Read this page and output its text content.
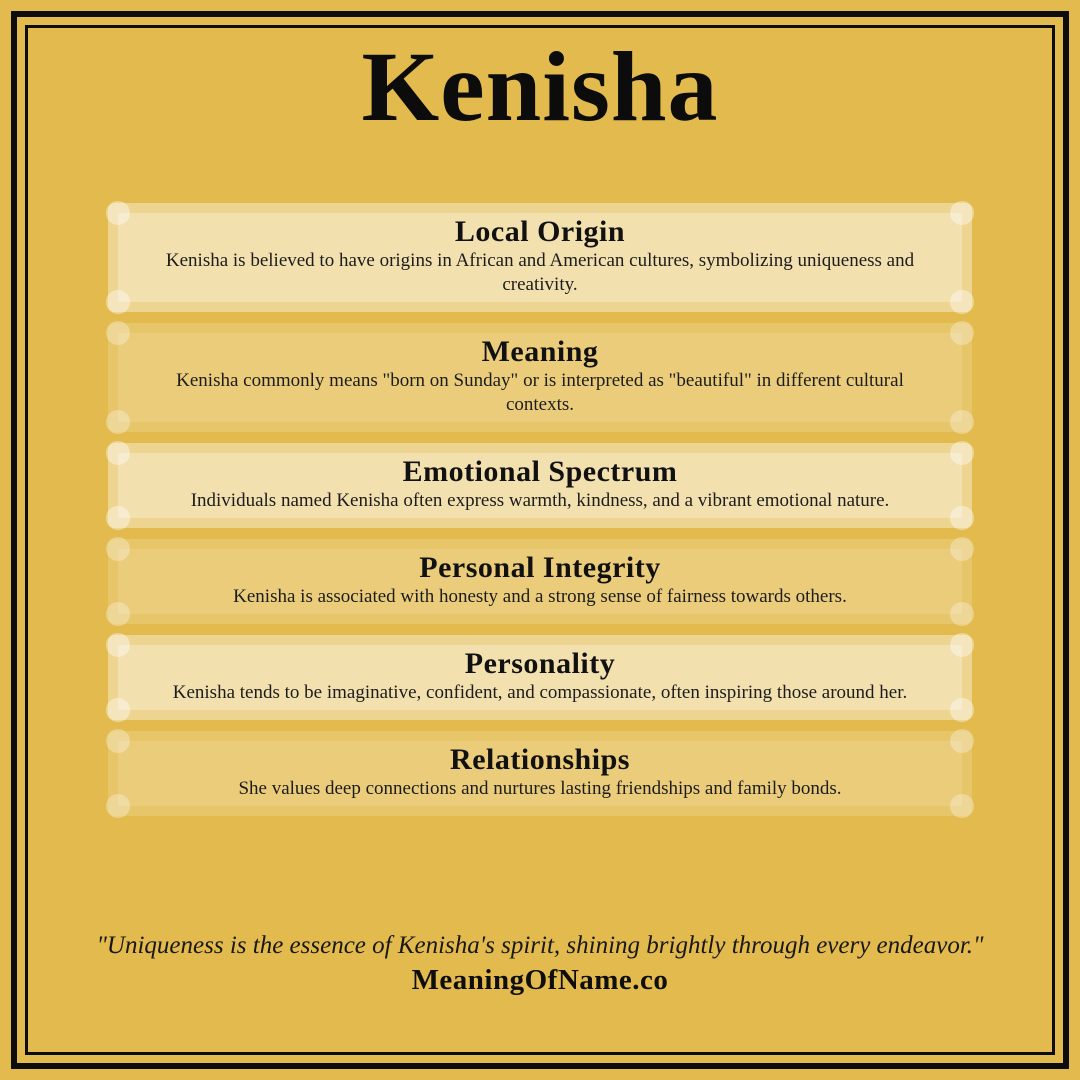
Kenisha
Local Origin

Kenisha is believed to have origins in African and American cultures, symbolizing uniqueness and creativity.

Meaning

Kenisha commonly means "born on Sunday" or is interpreted as "beautiful" in different cultural contexts.

Emotional Spectrum

Individuals named Kenisha often express warmth, kindness, and a vibrant emotional nature.

Personal Integrity

Kenisha is associated with honesty and a strong sense of fairness towards others.

Personality

Kenisha tends to be imaginative, confident, and compassionate, often inspiring those around her.

Relationships

She values deep connections and nurtures lasting friendships and family bonds.

"Uniqueness is the essence of Kenisha's spirit, shining brightly through every endeavor."
MeaningOfName.co
